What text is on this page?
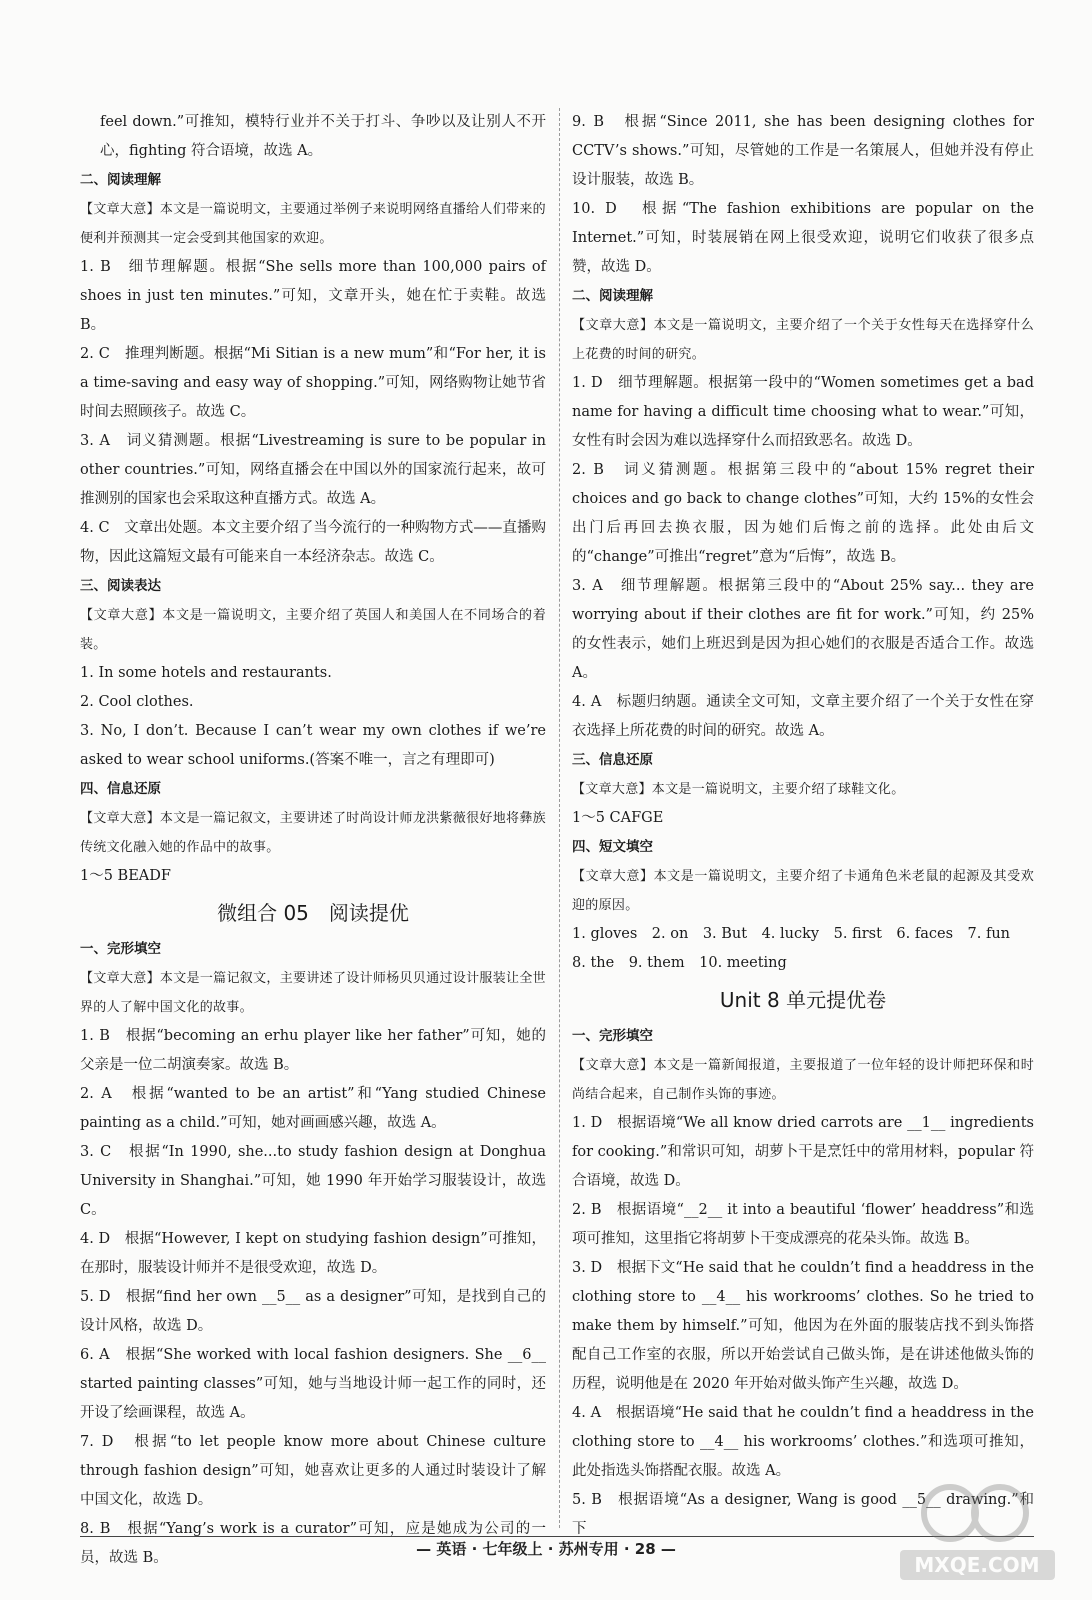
feel down.”可推知，模特行业并不关于打斗、争吵以及让别人不开心，fighting 符合语境，故选 A。

二、阅读理解

【文章大意】本文是一篇说明文，主要通过举例子来说明网络直播给人们带来的便利并预测其一定会受到其他国家的欢迎。

1. B　细节理解题。根据“She sells more than 100,000 pairs of shoes in just ten minutes.”可知，文章开头，她在忙于卖鞋。故选 B。

2. C　推理判断题。根据“Mi Sitian is a new mum”和“For her, it is a time-saving and easy way of shopping.”可知，网络购物让她节省时间去照顾孩子。故选 C。

3. A　词义猜测题。根据“Livestreaming is sure to be popular in other countries.”可知，网络直播会在中国以外的国家流行起来，故可推测别的国家也会采取这种直播方式。故选 A。

4. C　文章出处题。本文主要介绍了当今流行的一种购物方式——直播购物，因此这篇短文最有可能来自一本经济杂志。故选 C。

三、阅读表达

【文章大意】本文是一篇说明文，主要介绍了英国人和美国人在不同场合的着装。

1. In some hotels and restaurants.

2. Cool clothes.

3. No, I don’t. Because I can’t wear my own clothes if we’re asked to wear school uniforms.(答案不唯一，言之有理即可)

四、信息还原

【文章大意】本文是一篇记叙文，主要讲述了时尚设计师龙洪紫薇很好地将彝族传统文化融入她的作品中的故事。

1～5 BEADF

微组合 05　阅读提优

一、完形填空

【文章大意】本文是一篇记叙文，主要讲述了设计师杨贝贝通过设计服装让全世界的人了解中国文化的故事。

1. B　根据“becoming an erhu player like her father”可知，她的父亲是一位二胡演奏家。故选 B。

2. A　根据“wanted to be an artist”和“Yang studied Chinese painting as a child.”可知，她对画画感兴趣，故选 A。

3. C　根据“In 1990, she...to study fashion design at Donghua University in Shanghai.”可知，她 1990 年开始学习服装设计，故选 C。

4. D　根据“However, I kept on studying fashion design”可推知，在那时，服装设计师并不是很受欢迎，故选 D。

5. D　根据“find her own __5__ as a designer”可知，是找到自己的设计风格，故选 D。

6. A　根据“She worked with local fashion designers. She __6__ started painting classes”可知，她与当地设计师一起工作的同时，还开设了绘画课程，故选 A。

7. D　根据“to let people know more about Chinese culture through fashion design”可知，她喜欢让更多的人通过时装设计了解中国文化，故选 D。

8. B　根据“Yang’s work is a curator”可知，应是她成为公司的一员，故选 B。

9. B　根据“Since 2011, she has been designing clothes for CCTV’s shows.”可知，尽管她的工作是一名策展人，但她并没有停止设计服装，故选 B。

10. D　根据“The fashion exhibitions are popular on the Internet.”可知，时装展销在网上很受欢迎，说明它们收获了很多点赞，故选 D。

二、阅读理解

【文章大意】本文是一篇说明文，主要介绍了一个关于女性每天在选择穿什么上花费的时间的研究。

1. D　细节理解题。根据第一段中的“Women sometimes get a bad name for having a difficult time choosing what to wear.”可知，女性有时会因为难以选择穿什么而招致恶名。故选 D。

2. B　词义猜测题。根据第三段中的“about 15% regret their choices and go back to change clothes”可知，大约 15%的女性会出门后再回去换衣服，因为她们后悔之前的选择。此处由后文的“change”可推出“regret”意为“后悔”，故选 B。

3. A　细节理解题。根据第三段中的“About 25% say... they are worrying about if their clothes are fit for work.”可知，约 25%的女性表示，她们上班迟到是因为担心她们的衣服是否适合工作。故选 A。

4. A　标题归纳题。通读全文可知，文章主要介绍了一个关于女性在穿衣选择上所花费的时间的研究。故选 A。

三、信息还原

【文章大意】本文是一篇说明文，主要介绍了球鞋文化。

1～5 CAFGE

四、短文填空

【文章大意】本文是一篇说明文，主要介绍了卡通角色米老鼠的起源及其受欢迎的原因。

1. gloves　2. on　3. But　4. lucky　5. first　6. faces　7. fun

8. the　9. them　10. meeting

Unit 8 单元提优卷

一、完形填空

【文章大意】本文是一篇新闻报道，主要报道了一位年轻的设计师把环保和时尚结合起来，自己制作头饰的事迹。

1. D　根据语境“We all know dried carrots are __1__ ingredients for cooking.”和常识可知，胡萝卜干是烹饪中的常用材料，popular 符合语境，故选 D。

2. B　根据语境“__2__ it into a beautiful ‘flower’ headdress”和选项可推知，这里指它将胡萝卜干变成漂亮的花朵头饰。故选 B。

3. D　根据下文“He said that he couldn’t find a headdress in the clothing store to __4__ his workrooms’ clothes. So he tried to make them by himself.”可知，他因为在外面的服装店找不到头饰搭配自己工作室的衣服，所以开始尝试自己做头饰，是在讲述他做头饰的历程，说明他是在 2020 年开始对做头饰产生兴趣，故选 D。

4. A　根据语境“He said that he couldn’t find a headdress in the clothing store to __4__ his workrooms’ clothes.”和选项可推知，此处指选头饰搭配衣服。故选 A。

5. B　根据语境“As a designer, Wang is good __5__ drawing.”和下

— 英语 · 七年级上 · 苏州专用 · 28 —
MXQE.COM
